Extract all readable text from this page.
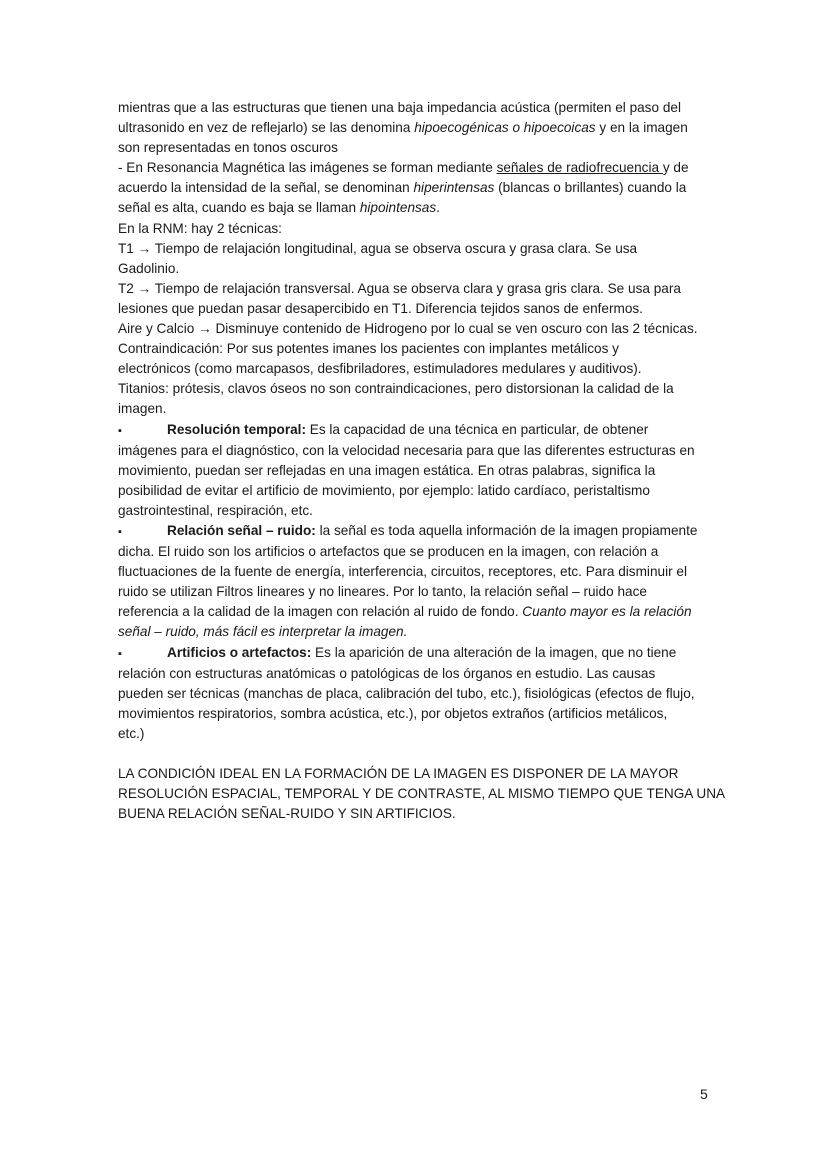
mientras que a las estructuras que tienen una baja impedancia acústica (permiten el paso del
ultrasonido en vez de reflejarlo) se las denomina hipoecogénicas o hipoecoicas y en la imagen
son representadas en tonos oscuros
- En Resonancia Magnética las imágenes se forman mediante señales de radiofrecuencia y de
acuerdo la intensidad de la señal, se denominan hiperintensas (blancas o brillantes) cuando la
señal es alta, cuando es baja se llaman hipointensas.
En la RNM: hay 2 técnicas:
T1 → Tiempo de relajación longitudinal, agua se observa oscura y grasa clara. Se usa
Gadolinio.
T2 → Tiempo de relajación transversal. Agua se observa clara y grasa gris clara. Se usa para
lesiones que puedan pasar desapercibido en T1. Diferencia tejidos sanos de enfermos.
Aire y Calcio → Disminuye contenido de Hidrogeno por lo cual se ven oscuro con las 2 técnicas.
Contraindicación: Por sus potentes imanes los pacientes con implantes metálicos y
electrónicos (como marcapasos, desfibriladores, estimuladores medulares y auditivos).
Titanios: prótesis, clavos óseos no son contraindicaciones, pero distorsionan la calidad de la
imagen.
▪	Resolución temporal: Es la capacidad de una técnica en particular, de obtener
imágenes para el diagnóstico, con la velocidad necesaria para que las diferentes estructuras en
movimiento, puedan ser reflejadas en una imagen estática. En otras palabras, significa la
posibilidad de evitar el artificio de movimiento, por ejemplo: latido cardíaco, peristaltismo
gastrointestinal, respiración, etc.
▪	Relación señal – ruido: la señal es toda aquella información de la imagen propiamente
dicha. El ruido son los artificios o artefactos que se producen en la imagen, con relación a
fluctuaciones de la fuente de energía, interferencia, circuitos, receptores, etc. Para disminuir el
ruido se utilizan Filtros lineares y no lineares. Por lo tanto, la relación señal – ruido hace
referencia a la calidad de la imagen con relación al ruido de fondo. Cuanto mayor es la relación
señal – ruido, más fácil es interpretar la imagen.
▪	Artificios o artefactos: Es la aparición de una alteración de la imagen, que no tiene
relación con estructuras anatómicas o patológicas de los órganos en estudio. Las causas
pueden ser técnicas (manchas de placa, calibración del tubo, etc.), fisiológicas (efectos de flujo,
movimientos respiratorios, sombra acústica, etc.), por objetos extraños (artificios metálicos,
etc.)
LA CONDICIÓN IDEAL EN LA FORMACIÓN DE LA IMAGEN ES DISPONER DE LA MAYOR
RESOLUCIÓN ESPACIAL, TEMPORAL Y DE CONTRASTE, AL MISMO TIEMPO QUE TENGA UNA
BUENA RELACIÓN SEÑAL-RUIDO Y SIN ARTIFICIOS.
5
